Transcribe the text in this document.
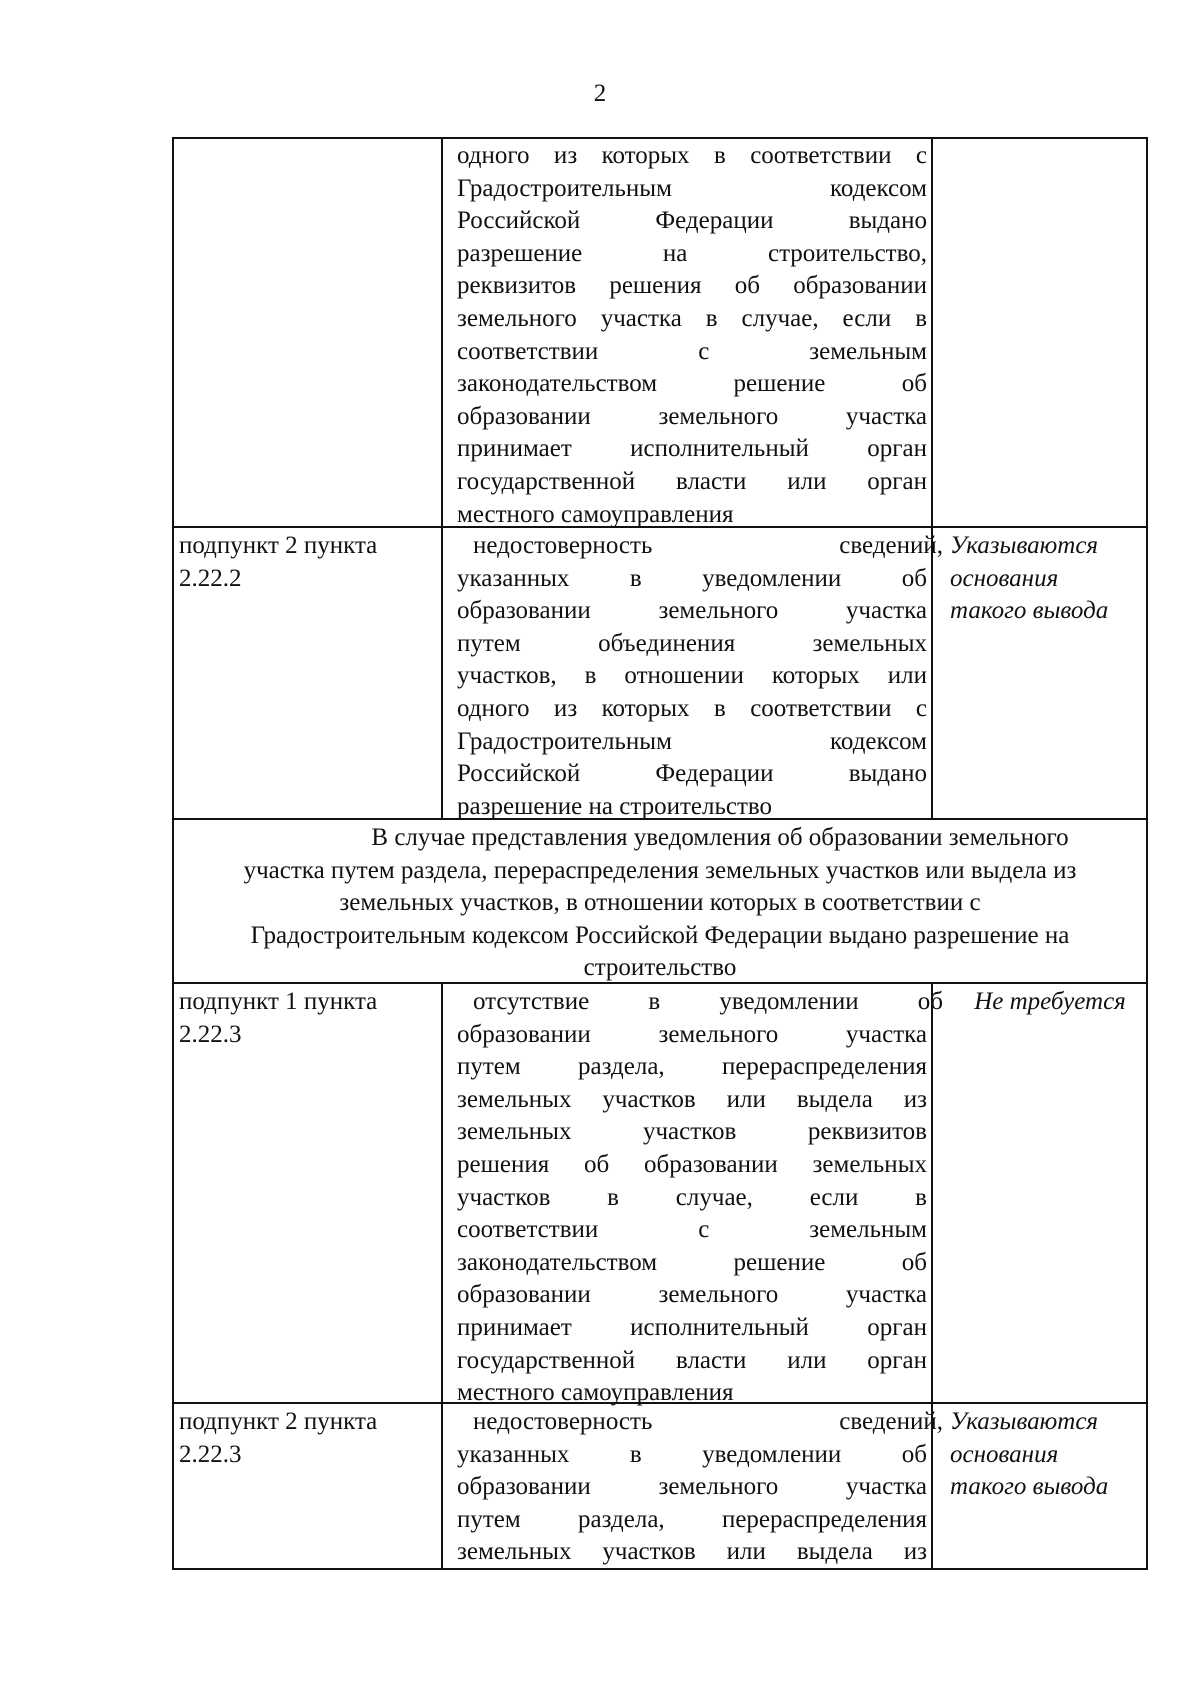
2
одного из которых в соответствии с
Градостроительным кодексом
Российской Федерации выдано
разрешение на строительство,
реквизитов решения об образовании
земельного участка в случае, если в
соответствии с земельным
законодательством решение об
образовании земельного участка
принимает исполнительный орган
государственной власти или орган
местного самоуправления
подпункт 2 пункта
2.22.2
недостоверность сведений,
указанных в уведомлении об
образовании земельного участка
путем объединения земельных
участков, в отношении которых или
одного из которых в соответствии с
Градостроительным кодексом
Российской Федерации выдано
разрешение на строительство
Указываются
основания
такого вывода
В случае представления уведомления об образовании земельного
участка путем раздела, перераспределения земельных участков или выдела из
земельных участков, в отношении которых в соответствии с
Градостроительным кодексом Российской Федерации выдано разрешение на
строительство
подпункт 1 пункта
2.22.3
отсутствие в уведомлении об
образовании земельного участка
путем раздела, перераспределения
земельных участков или выдела из
земельных участков реквизитов
решения об образовании земельных
участков в случае, если в
соответствии с земельным
законодательством решение об
образовании земельного участка
принимает исполнительный орган
государственной власти или орган
местного самоуправления
Не требуется
подпункт 2 пункта
2.22.3
недостоверность сведений,
указанных в уведомлении об
образовании земельного участка
путем раздела, перераспределения
земельных участков или выдела из
Указываются
основания
такого вывода
